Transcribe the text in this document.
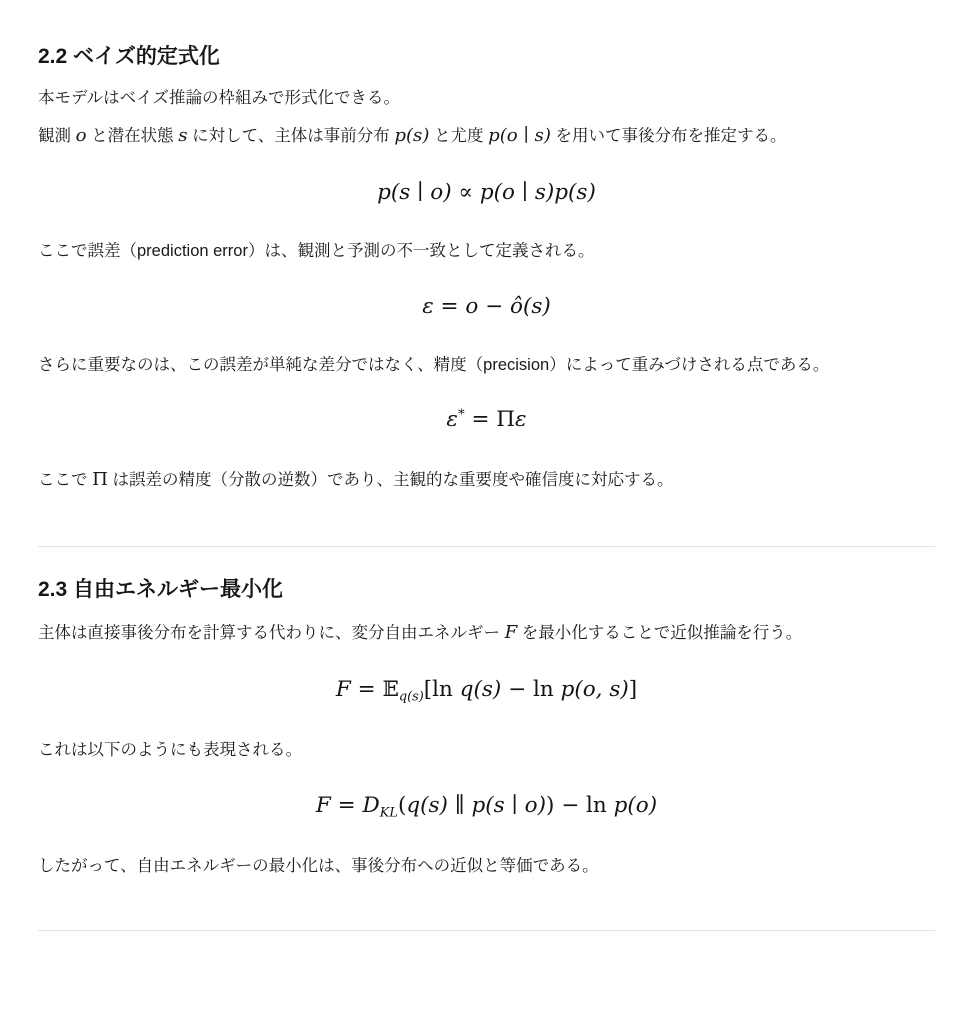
2.2 ベイズ的定式化

本モデルはベイズ推論の枠組みで形式化できる。
観測 o と潜在状態 s に対して、主体は事前分布 p(s) と尤度 p(o ∣ s) を用いて事後分布を推定する。

p(s ∣ o) ∝ p(o ∣ s)p(s)

ここで誤差（prediction error）は、観測と予測の不一致として定義される。

ε = o − ô(s)

さらに重要なのは、この誤差が単純な差分ではなく、精度（precision）によって重みづけされる点である。

ε* = Πε

ここで Π は誤差の精度（分散の逆数）であり、主観的な重要度や確信度に対応する。

2.3 自由エネルギー最小化

主体は直接事後分布を計算する代わりに、変分自由エネルギー F を最小化することで近似推論を行う。

F = 𝔼$_{q(s)}$[ln q(s) − ln p(o, s)]

これは以下のようにも表現される。

$F = D_{KL}(q(s)$ ∥ p(s ∣ o)) − ln p(o)

したがって、自由エネルギーの最小化は、事後分布への近似と等価である。
